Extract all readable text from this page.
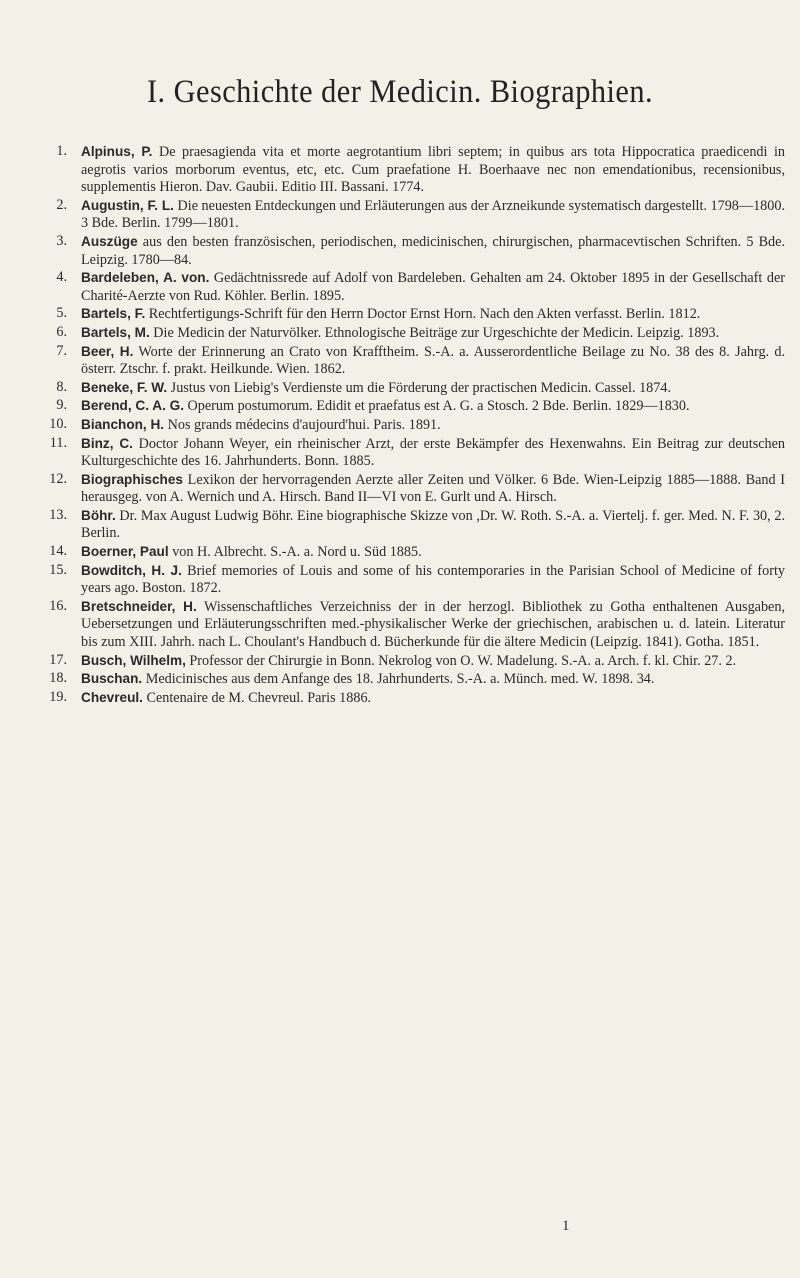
I. Geschichte der Medicin. Biographien.
1. Alpinus, P. De praesagienda vita et morte aegrotantium libri septem; in quibus ars tota Hippocratica praedicendi in aegrotis varios morborum eventus, etc, etc. Cum praefatione H. Boerhaave nec non emendationibus, recensionibus, supplementis Hieron. Dav. Gaubii. Editio III. Bassani. 1774.
2. Augustin, F. L. Die neuesten Entdeckungen und Erläuterungen aus der Arzneikunde systematisch dargestellt. 1798—1800. 3 Bde. Berlin. 1799—1801.
3. Auszüge aus den besten französischen, periodischen, medicinischen, chirurgischen, pharmacevtischen Schriften. 5 Bde. Leipzig. 1780—84.
4. Bardeleben, A. von. Gedächtnissrede auf Adolf von Bardeleben. Gehalten am 24. Oktober 1895 in der Gesellschaft der Charité-Aerzte von Rud. Köhler. Berlin. 1895.
5. Bartels, F. Rechtfertigungs-Schrift für den Herrn Doctor Ernst Horn. Nach den Akten verfasst. Berlin. 1812.
6. Bartels, M. Die Medicin der Naturvölker. Ethnologische Beiträge zur Urgeschichte der Medicin. Leipzig. 1893.
7. Beer, H. Worte der Erinnerung an Crato von Krafftheim. S.-A. a. Ausserordentliche Beilage zu No. 38 des 8. Jahrg. d. österr. Ztschr. f. prakt. Heilkunde. Wien. 1862.
8. Beneke, F. W. Justus von Liebig's Verdienste um die Förderung der practischen Medicin. Cassel. 1874.
9. Berend, C. A. G. Operum postumorum. Edidit et praefatus est A. G. a Stosch. 2 Bde. Berlin. 1829—1830.
10. Bianchon, H. Nos grands médecins d'aujourd'hui. Paris. 1891.
11. Binz, C. Doctor Johann Weyer, ein rheinischer Arzt, der erste Bekämpfer des Hexenwahns. Ein Beitrag zur deutschen Kulturgeschichte des 16. Jahrhunderts. Bonn. 1885.
12. Biographisches Lexikon der hervorragenden Aerzte aller Zeiten und Völker. 6 Bde. Wien-Leipzig 1885—1888. Band I herausgeg. von A. Wernich und A. Hirsch. Band II—VI von E. Gurlt und A. Hirsch.
13. Böhr. Dr. Max August Ludwig Böhr. Eine biographische Skizze von ,Dr. W. Roth. S.-A. a. Viertelj. f. ger. Med. N. F. 30, 2. Berlin.
14. Boerner, Paul von H. Albrecht. S.-A. a. Nord u. Süd 1885.
15. Bowditch, H. J. Brief memories of Louis and some of his contemporaries in the Parisian School of Medicine of forty years ago. Boston. 1872.
16. Bretschneider, H. Wissenschaftliches Verzeichniss der in der herzogl. Bibliothek zu Gotha enthaltenen Ausgaben, Uebersetzungen und Erläuterungsschriften med.-physikalischer Werke der griechischen, arabischen u. d. latein. Literatur bis zum XIII. Jahrh. nach L. Choulant's Handbuch d. Bücherkunde für die ältere Medicin (Leipzig. 1841). Gotha. 1851.
17. Busch, Wilhelm, Professor der Chirurgie in Bonn. Nekrolog von O. W. Madelung. S.-A. a. Arch. f. kl. Chir. 27. 2.
18. Buschan. Medicinisches aus dem Anfange des 18. Jahrhunderts. S.-A. a. Münch. med. W. 1898. 34.
19. Chevreul. Centenaire de M. Chevreul. Paris 1886.
1
